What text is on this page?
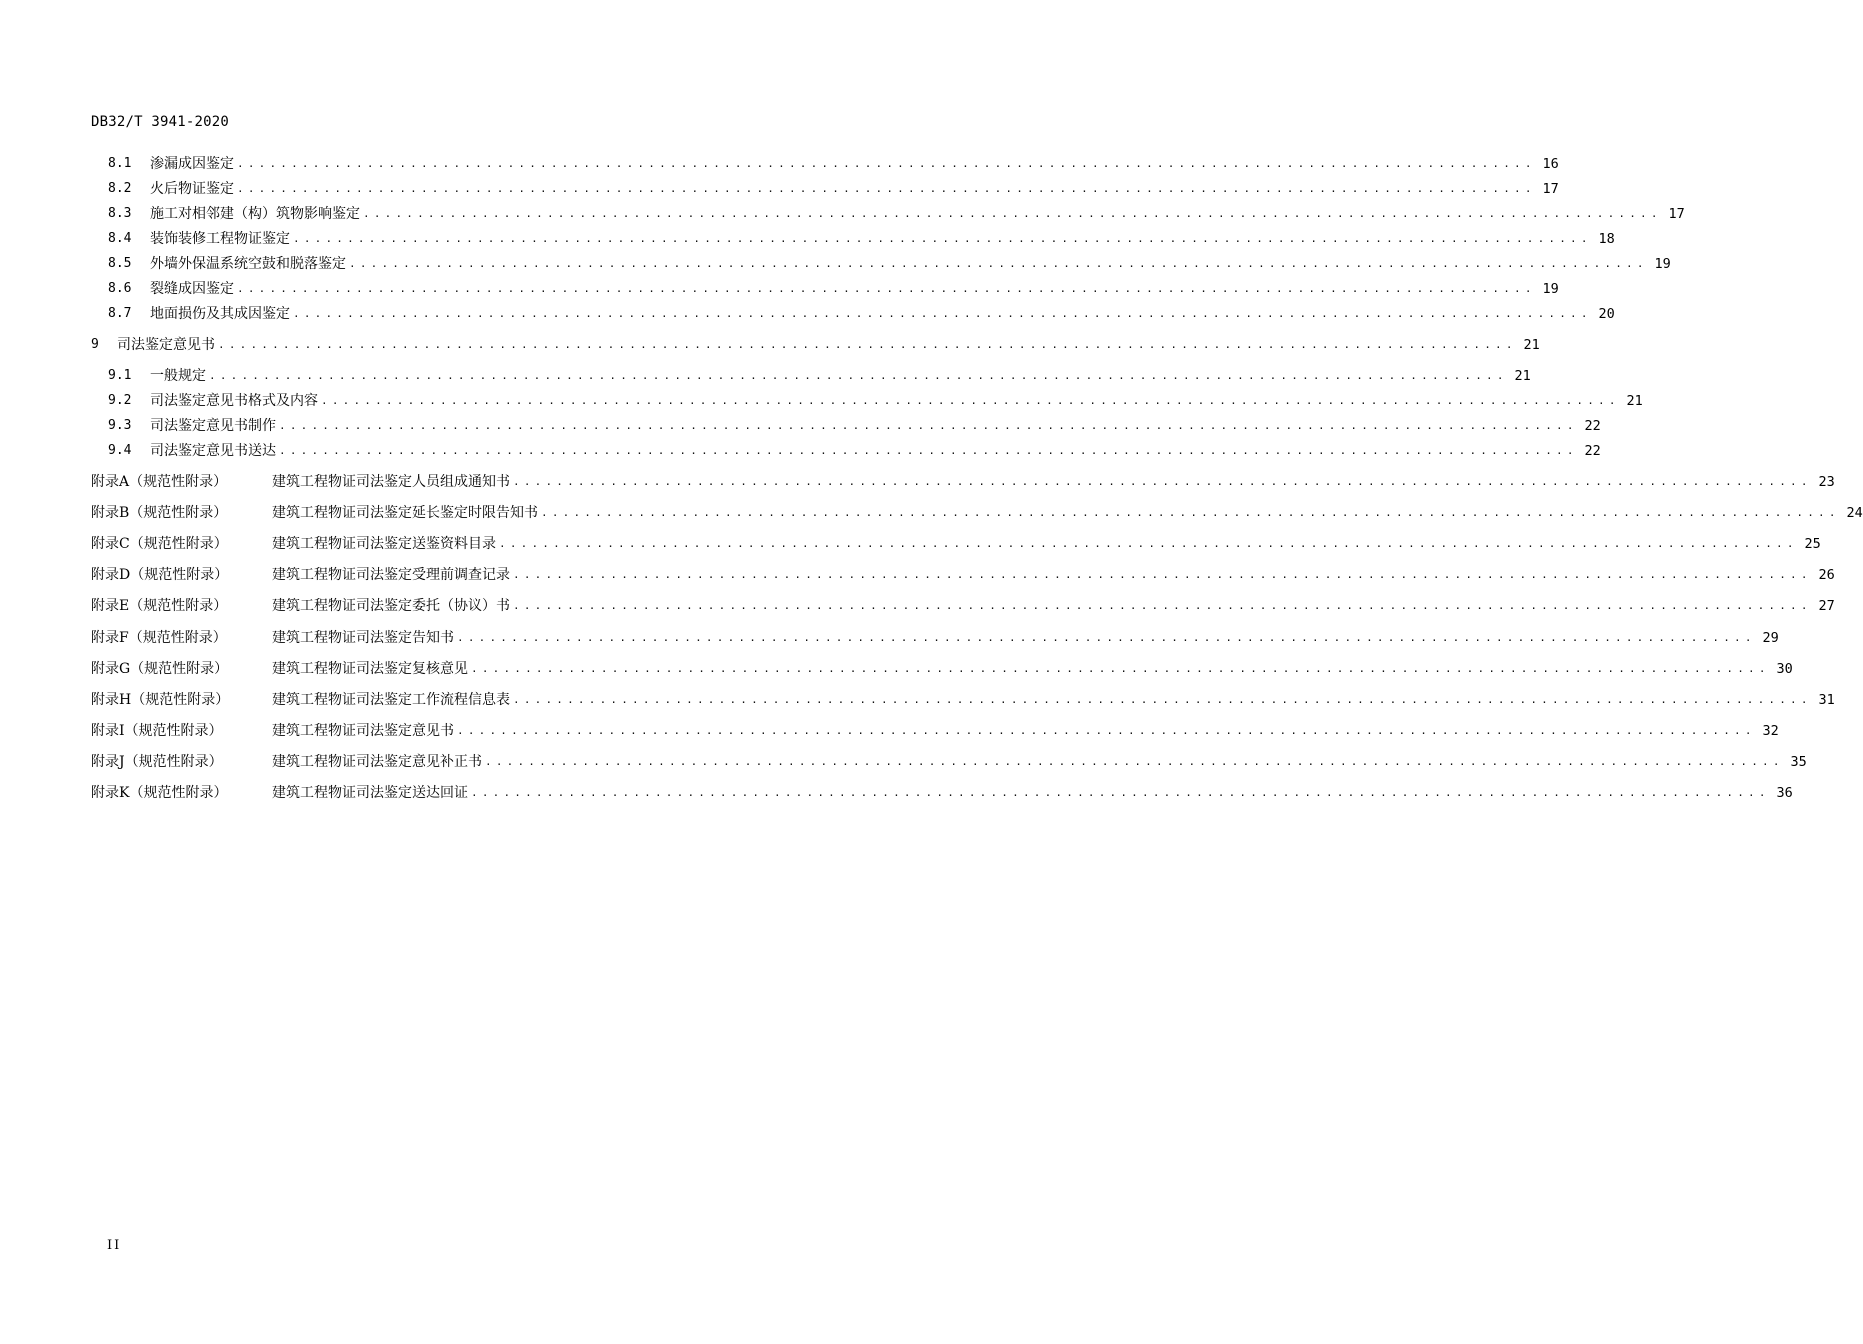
DB32/T 3941-2020
8.1	渗漏成因鉴定 ........................................................................................................................ 16
8.2	火后物证鉴定 ........................................................................................................................ 17
8.3	施工对相邻建（构）筑物影响鉴定 ........................................................................................................................ 17
8.4	装饰装修工程物证鉴定 ........................................................................................................................ 18
8.5	外墙外保温系统空鼓和脱落鉴定 ........................................................................................................................ 19
8.6	裂缝成因鉴定 ........................................................................................................................ 19
8.7	地面损伤及其成因鉴定 ........................................................................................................................ 20
9	司法鉴定意见书 ........................................................................................................................ 21
9.1	一般规定 ........................................................................................................................ 21
9.2	司法鉴定意见书格式及内容 ........................................................................................................................ 21
9.3	司法鉴定意见书制作 ........................................................................................................................ 22
9.4	司法鉴定意见书送达 ........................................................................................................................ 22
附录A（规范性附录）	建筑工程物证司法鉴定人员组成通知书 ........................................................................................................................ 23
附录B（规范性附录）	建筑工程物证司法鉴定延长鉴定时限告知书 ........................................................................................................................ 24
附录C（规范性附录）	建筑工程物证司法鉴定送鉴资料目录 ........................................................................................................................ 25
附录D（规范性附录）	建筑工程物证司法鉴定受理前调查记录 ........................................................................................................................ 26
附录E（规范性附录）	建筑工程物证司法鉴定委托（协议）书 ........................................................................................................................ 27
附录F（规范性附录）	建筑工程物证司法鉴定告知书 ........................................................................................................................ 29
附录G（规范性附录）	建筑工程物证司法鉴定复核意见 ........................................................................................................................ 30
附录H（规范性附录）	建筑工程物证司法鉴定工作流程信息表 ........................................................................................................................ 31
附录I（规范性附录）	建筑工程物证司法鉴定意见书 ........................................................................................................................ 32
附录J（规范性附录）	建筑工程物证司法鉴定意见补正书 ........................................................................................................................ 35
附录K（规范性附录）	建筑工程物证司法鉴定送达回证 ........................................................................................................................ 36
II
